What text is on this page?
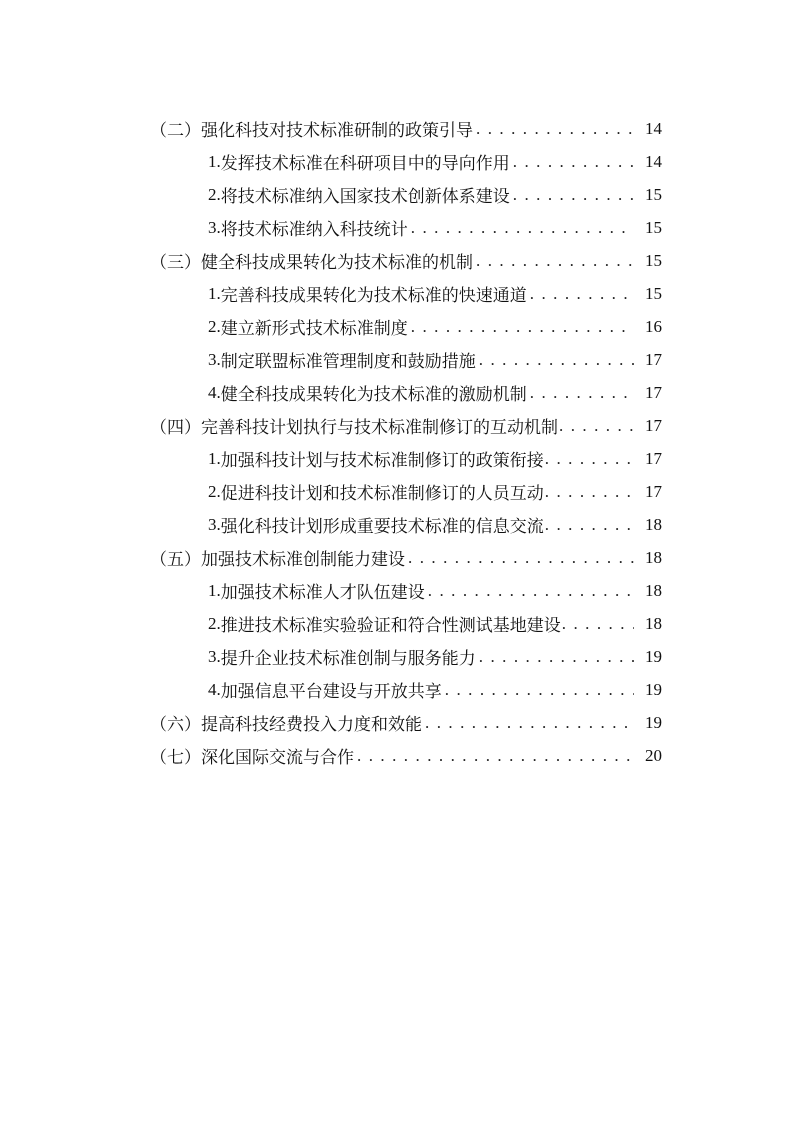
（二）强化科技对技术标准研制的政策引导 . . .	14
1. 发挥技术标准在科研项目中的导向作用 . . .	14
2. 将技术标准纳入国家技术创新体系建设 . . .	15
3. 将技术标准纳入科技统计 . . .	15
（三）健全科技成果转化为技术标准的机制 . . .	15
1. 完善科技成果转化为技术标准的快速通道 . . .	15
2. 建立新形式技术标准制度 . . .	16
3. 制定联盟标准管理制度和鼓励措施 . . .	17
4. 健全科技成果转化为技术标准的激励机制 . . .	17
（四）完善科技计划执行与技术标准制修订的互动机制 . . .	17
1. 加强科技计划与技术标准制修订的政策衔接 . . .	17
2. 促进科技计划和技术标准制修订的人员互动 . . .	17
3. 强化科技计划形成重要技术标准的信息交流 . . .	18
（五）加强技术标准创制能力建设 . . .	18
1. 加强技术标准人才队伍建设 . . .	18
2. 推进技术标准实验验证和符合性测试基地建设 . . .	18
3. 提升企业技术标准创制与服务能力 . . .	19
4. 加强信息平台建设与开放共享 . . .	19
（六）提高科技经费投入力度和效能 . . .	19
（七）深化国际交流与合作 . . .	20
